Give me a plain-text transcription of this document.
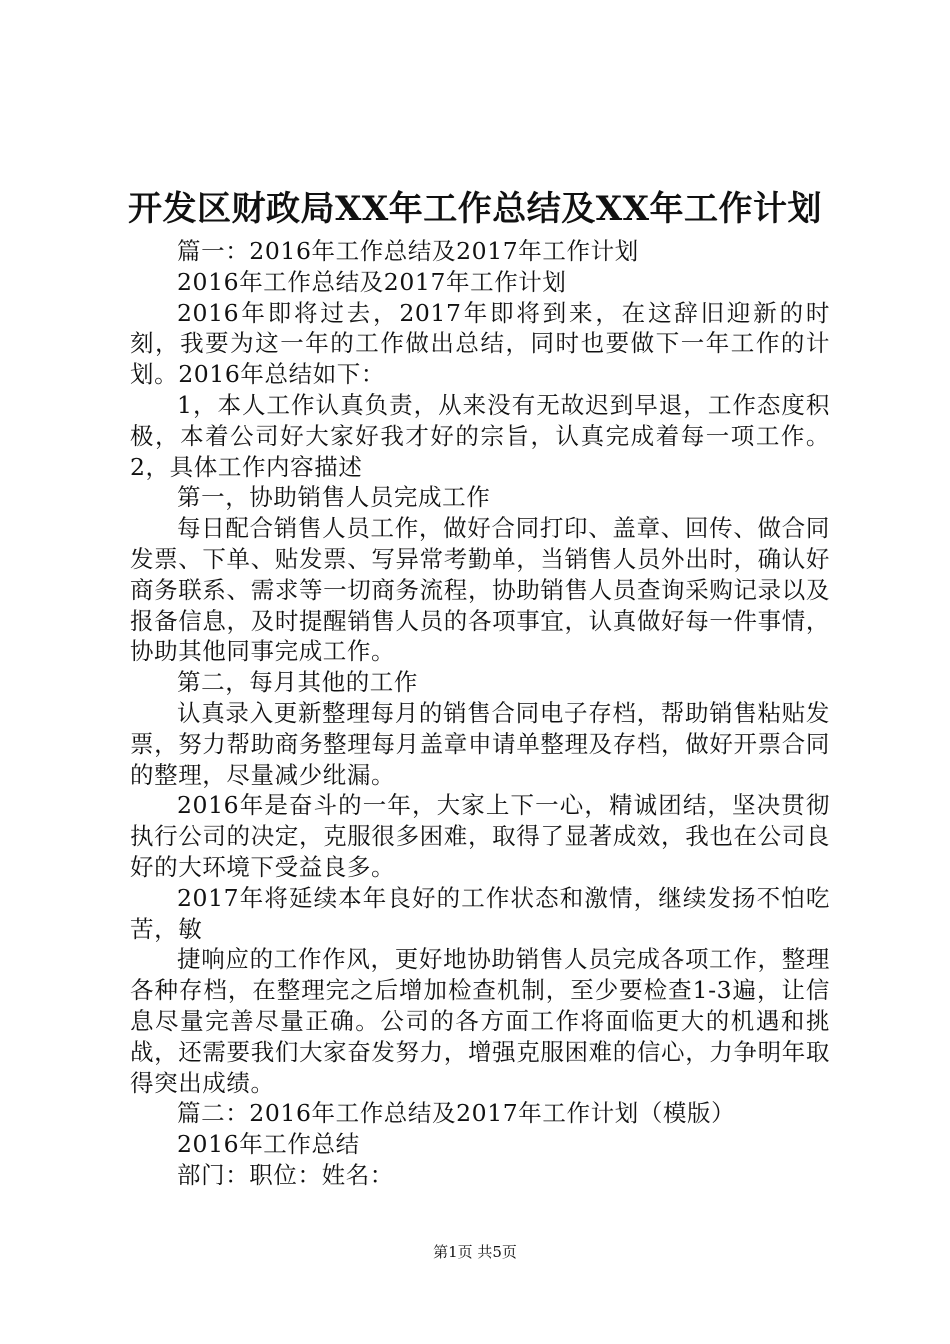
开发区财政局XX年工作总结及XX年工作计划

篇一：2016年工作总结及2017年工作计划

2016年工作总结及2017年工作计划

2016年即将过去，2017年即将到来，在这辞旧迎新的时刻，我要为这一年的工作做出总结，同时也要做下一年工作的计划。2016年总结如下：

1，本人工作认真负责，从来没有无故迟到早退，工作态度积极，本着公司好大家好我才好的宗旨，认真完成着每一项工作。2，具体工作内容描述

第一，协助销售人员完成工作

每日配合销售人员工作，做好合同打印、盖章、回传、做合同发票、下单、贴发票、写异常考勤单，当销售人员外出时，确认好商务联系、需求等一切商务流程，协助销售人员查询采购记录以及报备信息，及时提醒销售人员的各项事宜，认真做好每一件事情，协助其他同事完成工作。

第二，每月其他的工作

认真录入更新整理每月的销售合同电子存档，帮助销售粘贴发票，努力帮助商务整理每月盖章申请单整理及存档，做好开票合同的整理，尽量减少纰漏。

2016年是奋斗的一年，大家上下一心，精诚团结，坚决贯彻执行公司的决定，克服很多困难，取得了显著成效，我也在公司良好的大环境下受益良多。

2017年将延续本年良好的工作状态和激情，继续发扬不怕吃苦，敏

捷响应的工作作风，更好地协助销售人员完成各项工作，整理各种存档，在整理完之后增加检查机制，至少要检查1-3遍，让信息尽量完善尽量正确。公司的各方面工作将面临更大的机遇和挑战，还需要我们大家奋发努力，增强克服困难的信心，力争明年取得突出成绩。

篇二：2016年工作总结及2017年工作计划（模版）

2016年工作总结

部门：职位：姓名：

第1页 共5页
